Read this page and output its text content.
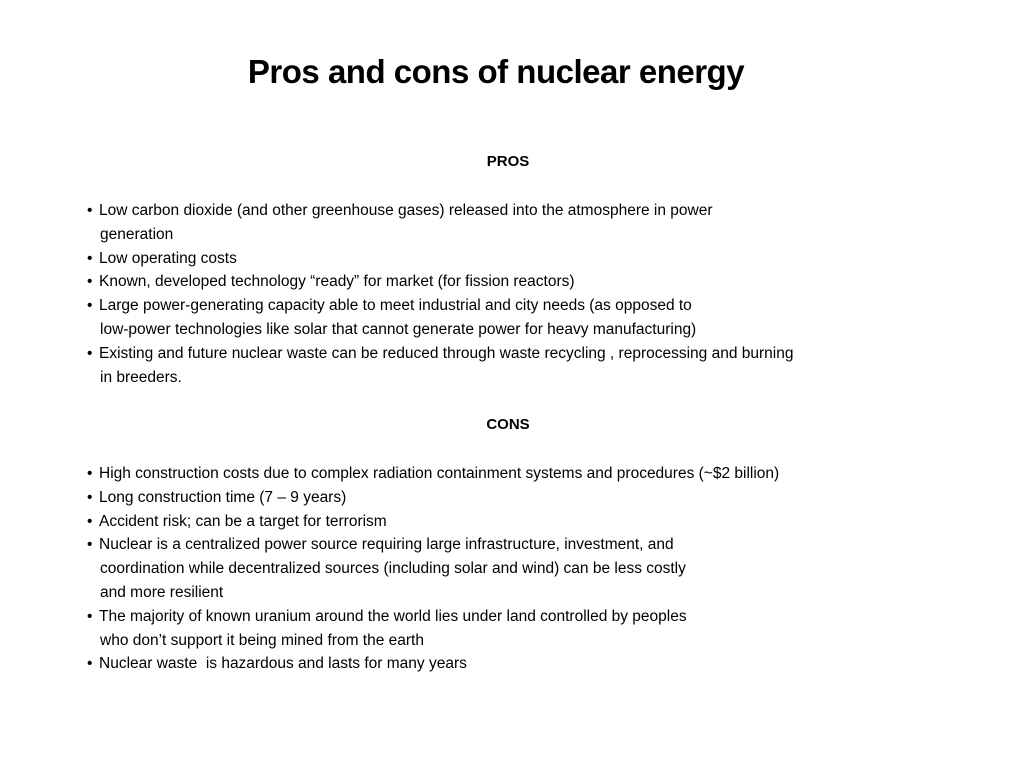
Pros and cons of nuclear energy
PROS
• Low carbon dioxide (and other greenhouse gases) released into the atmosphere in power
generation
• Low operating costs
• Known, developed technology “ready” for market (for fission reactors)
• Large power-generating capacity able to meet industrial and city needs (as opposed to
low-power technologies like solar that cannot generate power for heavy manufacturing)
• Existing and future nuclear waste can be reduced through waste recycling , reprocessing and burning
in breeders.
CONS
• High construction costs due to complex radiation containment systems and procedures (~$2 billion)
• Long construction time (7 – 9 years)
• Accident risk; can be a target for terrorism
• Nuclear is a centralized power source requiring large infrastructure, investment, and
coordination while decentralized sources (including solar and wind) can be less costly
and more resilient
• The majority of known uranium around the world lies under land controlled by peoples
who don’t support it being mined from the earth
• Nuclear waste  is hazardous and lasts for many years
